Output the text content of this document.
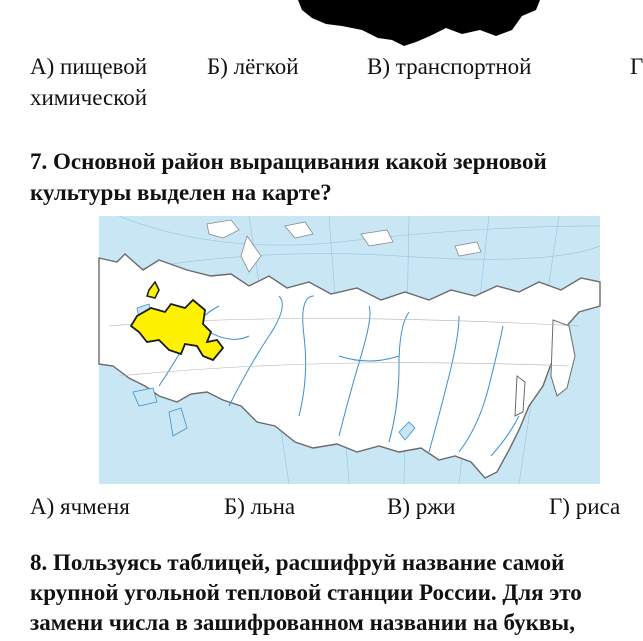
А) пищевой	Б) лёгкой	В) транспортной	Г
химической
7. Основной район выращивания какой зерновой
культуры выделен на карте?
А) ячменя	Б) льна	В) ржи	Г) риса
8. Пользуясь таблицей, расшифруй название самой
крупной угольной тепловой станции России. Для это
замени числа в зашифрованном названии на буквы,
